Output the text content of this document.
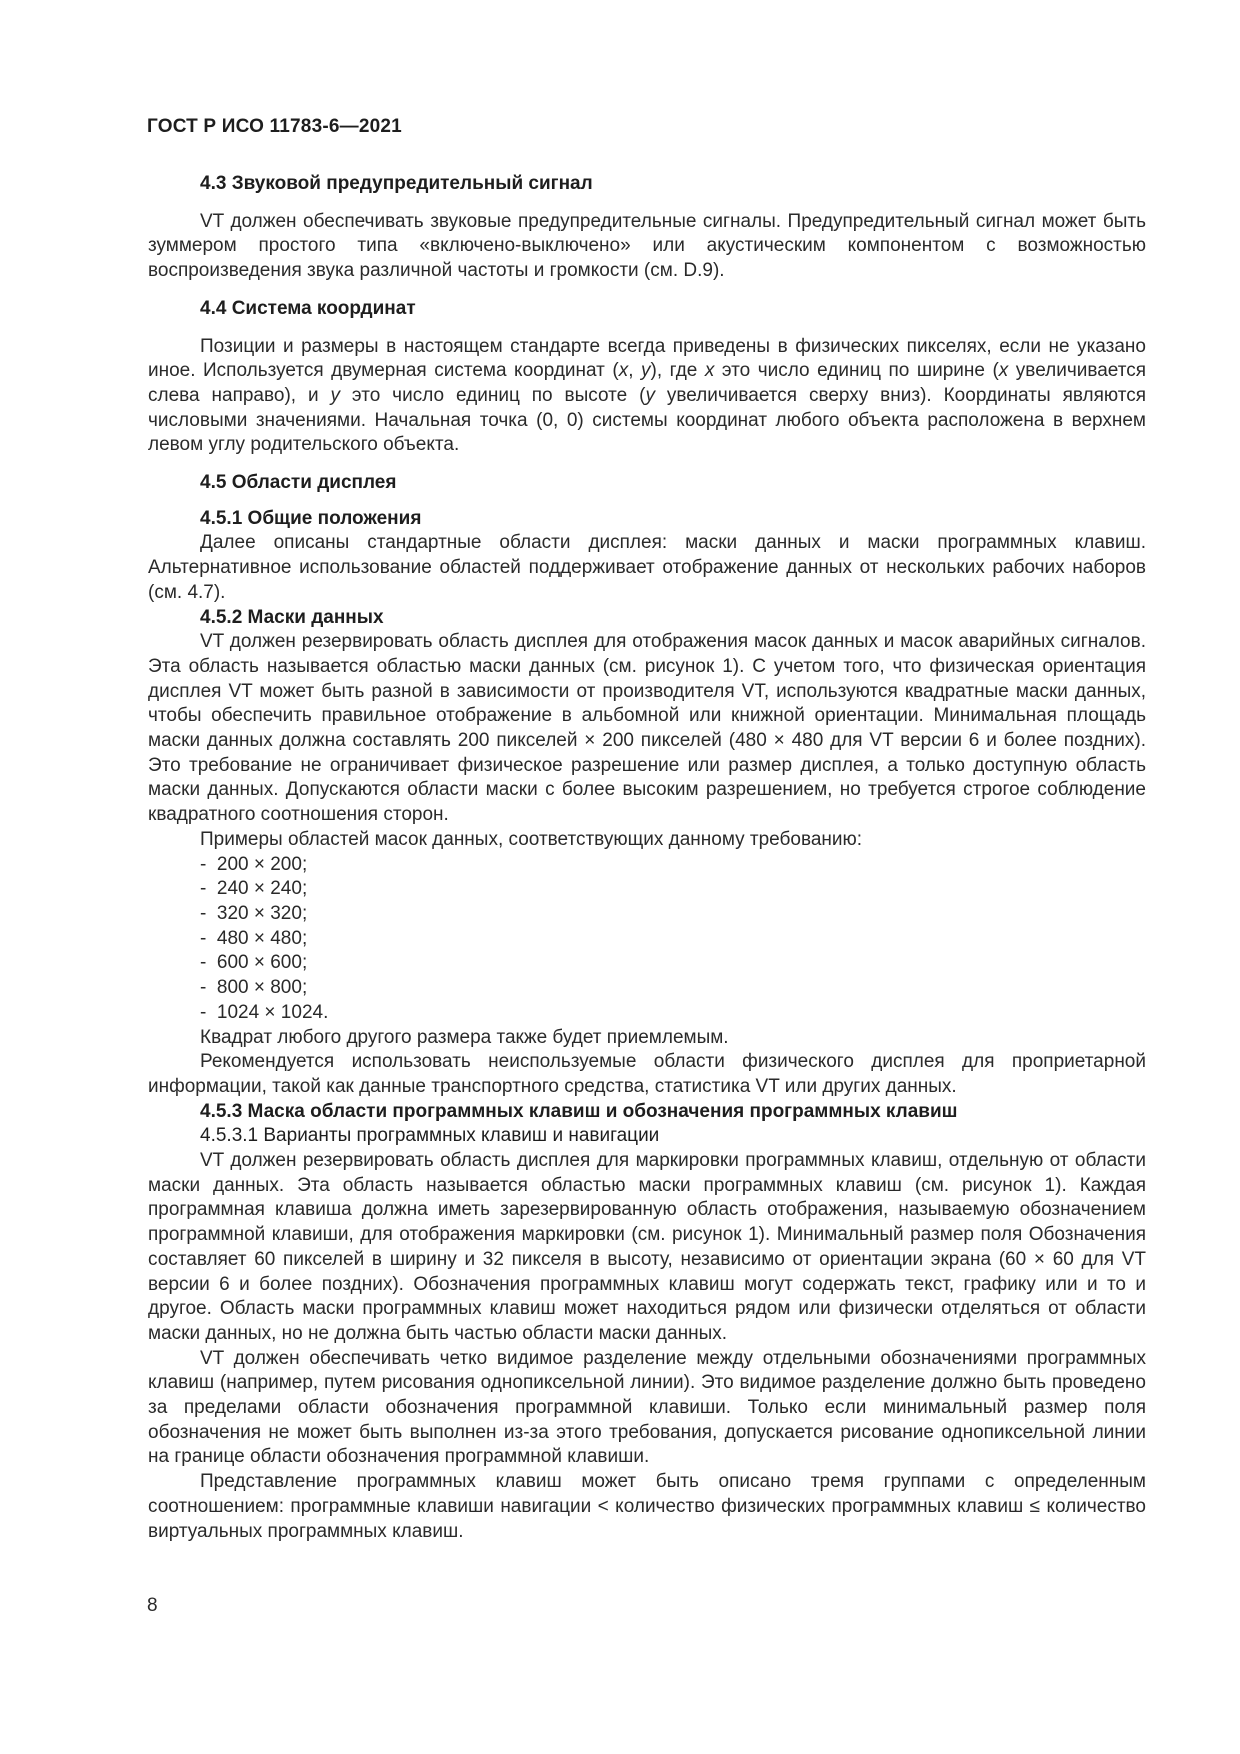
ГОСТ Р ИСО 11783-6—2021
4.3 Звуковой предупредительный сигнал

VT должен обеспечивать звуковые предупредительные сигналы. Предупредительный сигнал может быть зуммером простого типа «включено-выключено» или акустическим компонентом с возможностью воспроизведения звука различной частоты и громкости (см. D.9).

4.4 Система координат

Позиции и размеры в настоящем стандарте всегда приведены в физических пикселях, если не указано иное. Используется двумерная система координат (x, y), где x это число единиц по ширине (x увеличивается слева направо), и y это число единиц по высоте (y увеличивается сверху вниз). Координаты являются числовыми значениями. Начальная точка (0, 0) системы координат любого объекта расположена в верхнем левом углу родительского объекта.

4.5 Области дисплея
4.5.1 Общие положения

Далее описаны стандартные области дисплея: маски данных и маски программных клавиш. Альтернативное использование областей поддерживает отображение данных от нескольких рабочих наборов (см. 4.7).

4.5.2 Маски данных

VT должен резервировать область дисплея для отображения масок данных и масок аварийных сигналов. Эта область называется областью маски данных (см. рисунок 1). С учетом того, что физическая ориентация дисплея VT может быть разной в зависимости от производителя VT, используются квадратные маски данных, чтобы обеспечить правильное отображение в альбомной или книжной ориентации. Минимальная площадь маски данных должна составлять 200 пикселей × 200 пикселей (480 × 480 для VT версии 6 и более поздних). Это требование не ограничивает физическое разрешение или размер дисплея, а только доступную область маски данных. Допускаются области маски с более высоким разрешением, но требуется строгое соблюдение квадратного соотношения сторон.

Примеры областей масок данных, соответствующих данному требованию:

-  200 × 200;
-  240 × 240;
-  320 × 320;
-  480 × 480;
-  600 × 600;
-  800 × 800;
-  1024 × 1024.

Квадрат любого другого размера также будет приемлемым.

Рекомендуется использовать неиспользуемые области физического дисплея для проприетарной информации, такой как данные транспортного средства, статистика VT или других данных.

4.5.3 Маска области программных клавиш и обозначения программных клавиш
4.5.3.1 Варианты программных клавиш и навигации

VT должен резервировать область дисплея для маркировки программных клавиш, отдельную от области маски данных. Эта область называется областью маски программных клавиш (см. рисунок 1). Каждая программная клавиша должна иметь зарезервированную область отображения, называемую обозначением программной клавиши, для отображения маркировки (см. рисунок 1). Минимальный размер поля Обозначения составляет 60 пикселей в ширину и 32 пикселя в высоту, независимо от ориентации экрана (60 × 60 для VT версии 6 и более поздних). Обозначения программных клавиш могут содержать текст, графику или и то и другое. Область маски программных клавиш может находиться рядом или физически отделяться от области маски данных, но не должна быть частью области маски данных.

VT должен обеспечивать четко видимое разделение между отдельными обозначениями программных клавиш (например, путем рисования однопиксельной линии). Это видимое разделение должно быть проведено за пределами области обозначения программной клавиши. Только если минимальный размер поля обозначения не может быть выполнен из-за этого требования, допускается рисование однопиксельной линии на границе области обозначения программной клавиши.

Представление программных клавиш может быть описано тремя группами с определенным соотношением: программные клавиши навигации < количество физических программных клавиш ≤ количество виртуальных программных клавиш.

8
